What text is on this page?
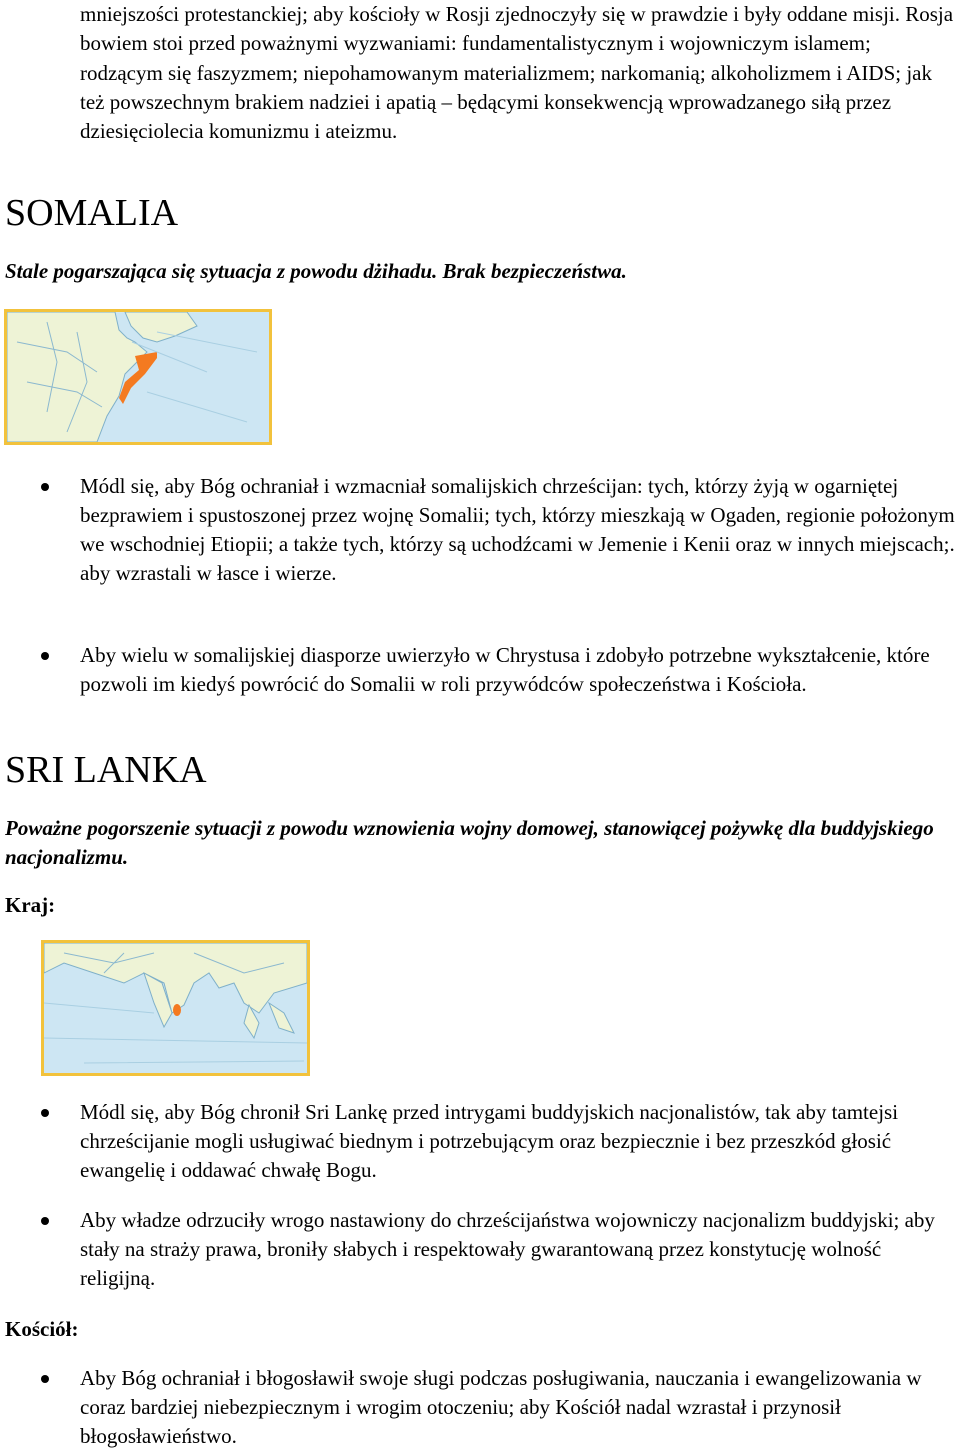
mniejszości protestanckiej; aby kościoły w Rosji zjednoczyły się w prawdzie i były oddane misji. Rosja bowiem stoi przed poważnymi wyzwaniami: fundamentalistycznym i wojowniczym islamem; rodzącym się faszyzmem; niepohamowanym materializmem; narkomanią; alkoholizmem i AIDS; jak też powszechnym brakiem nadziei i apatią – będącymi konsekwencją wprowadzanego siłą przez dziesięciolecia komunizmu i ateizmu.
SOMALIA
Stale pogarszająca się sytuacja z powodu dżihadu. Brak bezpieczeństwa.
Módl się, aby Bóg ochraniał i wzmacniał somalijskich chrześcijan: tych, którzy żyją w ogarniętej bezprawiem i spustoszonej przez wojnę Somalii; tych, którzy mieszkają w Ogaden, regionie położonym we wschodniej Etiopii; a także tych, którzy są uchodźcami w Jemenie i Kenii oraz w innych miejscach;. aby wzrastali w łasce i wierze.
Aby wielu w somalijskiej diasporze uwierzyło w Chrystusa i zdobyło potrzebne wykształcenie, które pozwoli im kiedyś powrócić do Somalii w roli przywódców społeczeństwa i Kościoła.
SRI LANKA
Poważne pogorszenie sytuacji z powodu wznowienia wojny domowej, stanowiącej pożywkę dla buddyjskiego nacjonalizmu.
Kraj:
Módl się, aby Bóg chronił Sri Lankę przed intrygami buddyjskich nacjonalistów, tak aby tamtejsi chrześcijanie mogli usługiwać biednym i potrzebującym oraz bezpiecznie i bez przeszkód głosić ewangelię i oddawać chwałę Bogu.
Aby władze odrzuciły wrogo nastawiony do chrześcijaństwa wojowniczy nacjonalizm buddyjski; aby stały na straży prawa, broniły słabych i respektowały gwarantowaną przez konstytucję wolność religijną.
Kościół:
Aby Bóg ochraniał i błogosławił swoje sługi podczas posługiwania, nauczania i ewangelizowania w coraz bardziej niebezpiecznym i wrogim otoczeniu; aby Kościół nadal wzrastał i przynosił błogosławieństwo.
